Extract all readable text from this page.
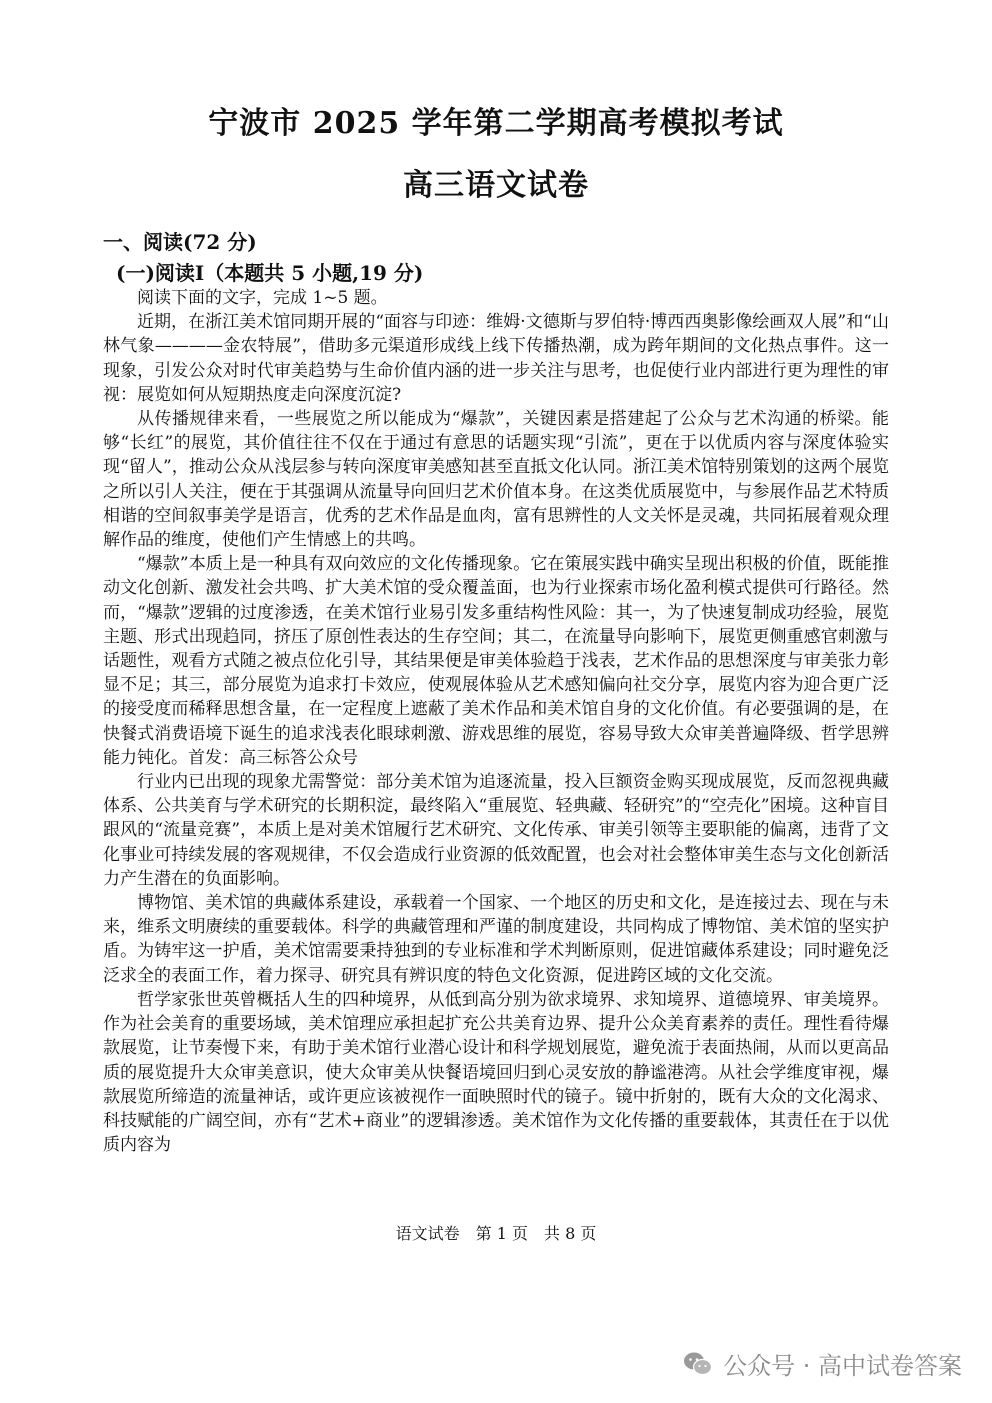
宁波市 2025 学年第二学期高考模拟考试
高三语文试卷
一、阅读(72 分)
(一)阅读Ⅰ（本题共 5 小题,19 分)

阅读下面的文字，完成 1~5 题。

近期，在浙江美术馆同期开展的“面容与印迹：维姆·文德斯与罗伯特·博西西奥影像绘画双人展”和“山林气象————金农特展”，借助多元渠道形成线上线下传播热潮，成为跨年期间的文化热点事件。这一现象，引发公众对时代审美趋势与生命价值内涵的进一步关注与思考，也促使行业内部进行更为理性的审视：展览如何从短期热度走向深度沉淀?

从传播规律来看，一些展览之所以能成为“爆款”，关键因素是搭建起了公众与艺术沟通的桥梁。能够“长红”的展览，其价值往往不仅在于通过有意思的话题实现“引流”，更在于以优质内容与深度体验实现“留人”，推动公众从浅层参与转向深度审美感知甚至直抵文化认同。浙江美术馆特别策划的这两个展览之所以引人关注，便在于其强调从流量导向回归艺术价值本身。在这类优质展览中，与参展作品艺术特质相谐的空间叙事美学是语言，优秀的艺术作品是血肉，富有思辨性的人文关怀是灵魂，共同拓展着观众理解作品的维度，使他们产生情感上的共鸣。

“爆款”本质上是一种具有双向效应的文化传播现象。它在策展实践中确实呈现出积极的价值，既能推动文化创新、激发社会共鸣、扩大美术馆的受众覆盖面，也为行业探索市场化盈利模式提供可行路径。然而，“爆款”逻辑的过度渗透，在美术馆行业易引发多重结构性风险：其一，为了快速复制成功经验，展览主题、形式出现趋同，挤压了原创性表达的生存空间；其二，在流量导向影响下，展览更侧重感官刺激与话题性，观看方式随之被点位化引导，其结果便是审美体验趋于浅表，艺术作品的思想深度与审美张力彰显不足；其三，部分展览为追求打卡效应，使观展体验从艺术感知偏向社交分享，展览内容为迎合更广泛的接受度而稀释思想含量，在一定程度上遮蔽了美术作品和美术馆自身的文化价值。有必要强调的是，在快餐式消费语境下诞生的追求浅表化眼球刺激、游戏思维的展览，容易导致大众审美普遍降级、哲学思辨能力钝化。首发：高三标答公众号

行业内已出现的现象尤需警觉：部分美术馆为追逐流量，投入巨额资金购买现成展览，反而忽视典藏体系、公共美育与学术研究的长期积淀，最终陷入“重展览、轻典藏、轻研究”的“空壳化”困境。这种盲目跟风的“流量竞赛”，本质上是对美术馆履行艺术研究、文化传承、审美引领等主要职能的偏离，违背了文化事业可持续发展的客观规律，不仅会造成行业资源的低效配置，也会对社会整体审美生态与文化创新活力产生潜在的负面影响。

博物馆、美术馆的典藏体系建设，承载着一个国家、一个地区的历史和文化，是连接过去、现在与未来，维系文明赓续的重要载体。科学的典藏管理和严谨的制度建设，共同构成了博物馆、美术馆的坚实护盾。为铸牢这一护盾，美术馆需要秉持独到的专业标准和学术判断原则，促进馆藏体系建设；同时避免泛泛求全的表面工作，着力探寻、研究具有辨识度的特色文化资源，促进跨区域的文化交流。

哲学家张世英曾概括人生的四种境界，从低到高分别为欲求境界、求知境界、道德境界、审美境界。作为社会美育的重要场域，美术馆理应承担起扩充公共美育边界、提升公众美育素养的责任。理性看待爆款展览，让节奏慢下来，有助于美术馆行业潜心设计和科学规划展览，避免流于表面热闹，从而以更高品质的展览提升大众审美意识，使大众审美从快餐语境回归到心灵安放的静谧港湾。从社会学维度审视，爆款展览所缔造的流量神话，或许更应该被视作一面映照时代的镜子。镜中折射的，既有大众的文化渴求、科技赋能的广阔空间，亦有“艺术+商业”的逻辑渗透。美术馆作为文化传播的重要载体，其责任在于以优质内容为

语文试卷　第 1 页　共 8 页
公众号 · 高中试卷答案
